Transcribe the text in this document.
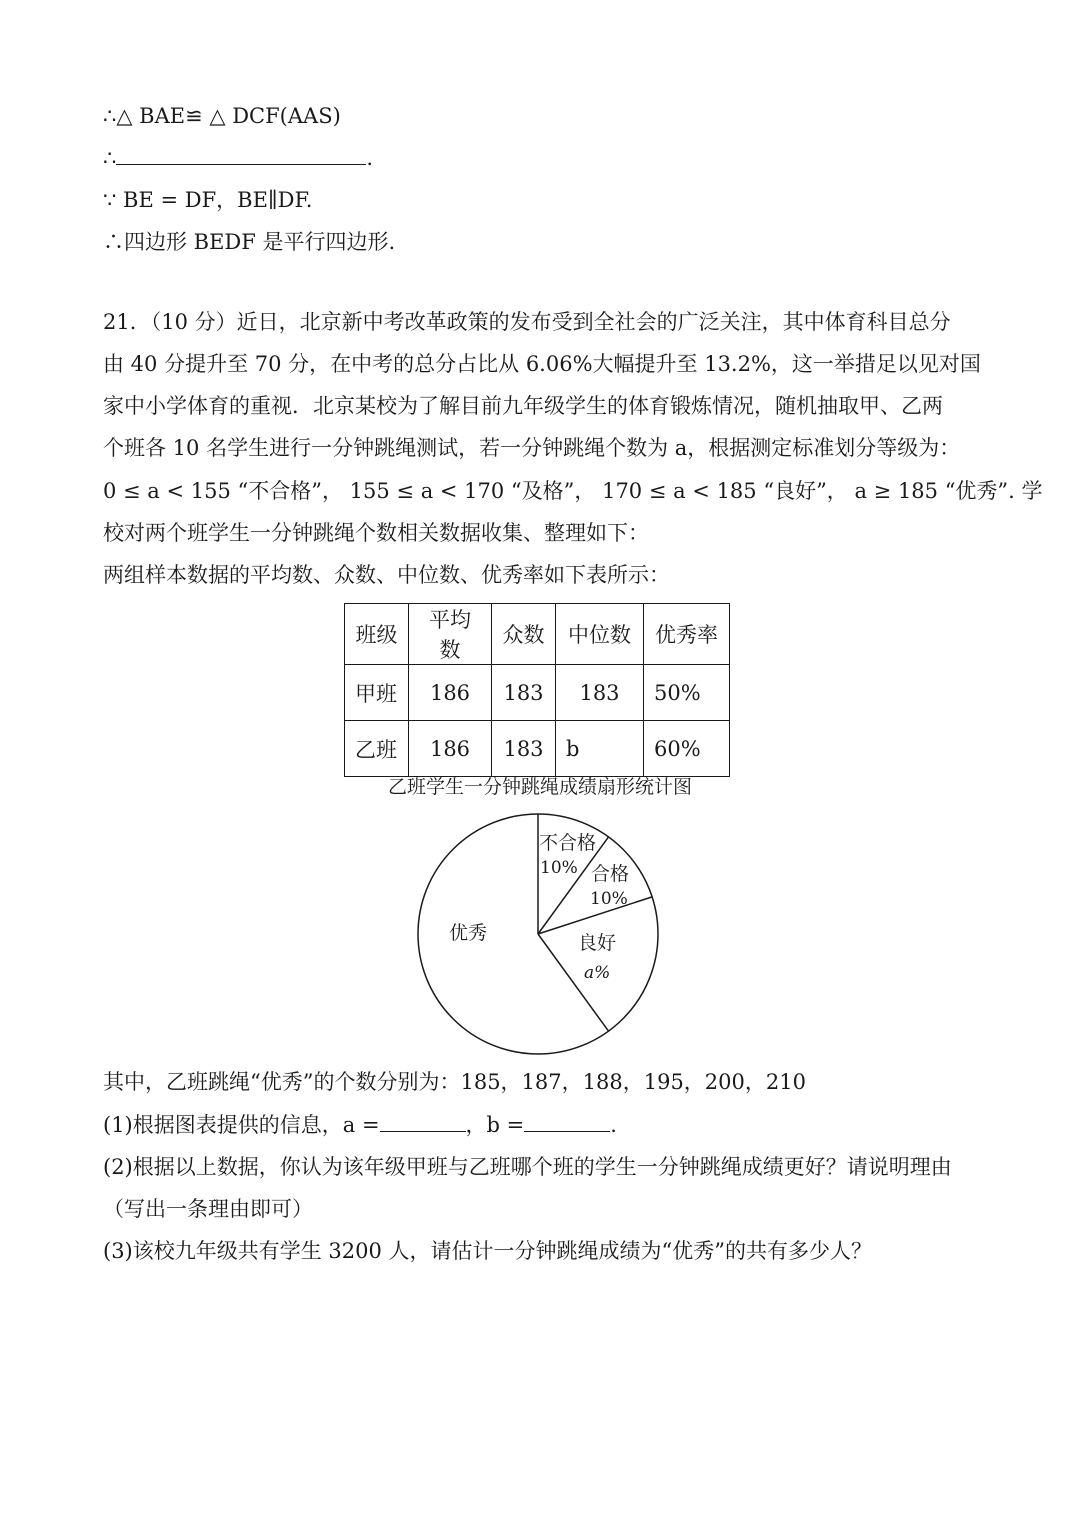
∴△ BAE≌ △ DCF(AAS)
∴	.
∵ BE = DF，BE∥DF.
∴四边形 BEDF 是平行四边形.
21．（10 分）近日，北京新中考改革政策的发布受到全社会的广泛关注，其中体育科目总分
由 40 分提升至 70 分，在中考的总分占比从 6.06%大幅提升至 13.2%，这一举措足以见对国
家中小学体育的重视．北京某校为了解目前九年级学生的体育锻炼情况，随机抽取甲、乙两
个班各 10 名学生进行一分钟跳绳测试，若一分钟跳绳个数为 a，根据测定标准划分等级为：
0 ≤ a < 155 “不合格”， 155 ≤ a < 170 “及格”， 170 ≤ a < 185 “良好”， a ≥ 185 “优秀”. 学
校对两个班学生一分钟跳绳个数相关数据收集、整理如下：
两组样本数据的平均数、众数、中位数、优秀率如下表所示：
班级	平均数	众数	中位数	优秀率
甲班	186	183	183	50%
乙班	186	183	b	60%
乙班学生一分钟跳绳成绩扇形统计图
不合格
10% 合格
10%
良好
a%
优秀
其中，乙班跳绳“优秀”的个数分别为：185，187，188，195，200，210
(1)根据图表提供的信息，a =	，b =	.
(2)根据以上数据，你认为该年级甲班与乙班哪个班的学生一分钟跳绳成绩更好？请说明理由
（写出一条理由即可）
(3)该校九年级共有学生 3200 人，请估计一分钟跳绳成绩为“优秀”的共有多少人？
